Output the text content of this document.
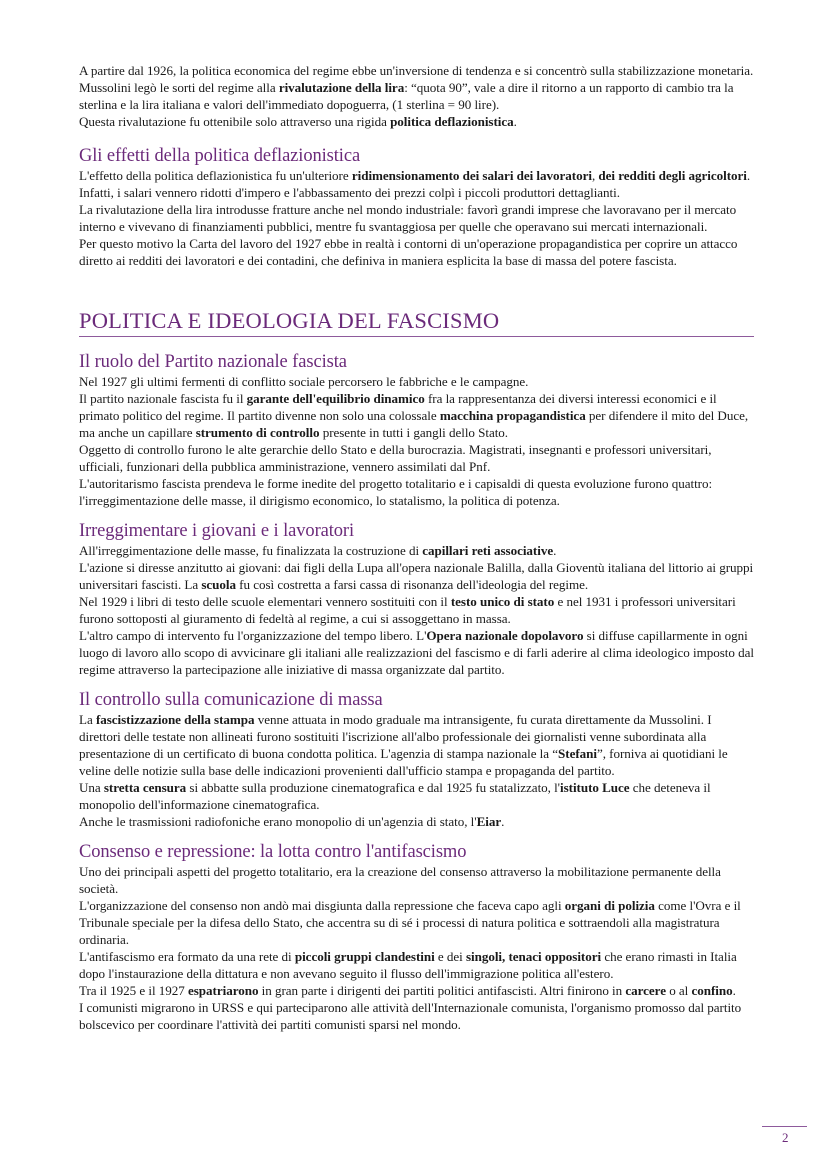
A partire dal 1926, la politica economica del regime ebbe un'inversione di tendenza e si concentrò sulla stabilizzazione monetaria. Mussolini legò le sorti del regime alla rivalutazione della lira: “quota 90”, vale a dire il ritorno a un rapporto di cambio tra la sterlina e la lira italiana e valori dell'immediato dopoguerra, (1 sterlina = 90 lire).

Questa rivalutazione fu ottenibile solo attraverso una rigida politica deflazionistica.

Gli effetti della politica deflazionistica

L'effetto della politica deflazionistica fu un'ulteriore ridimensionamento dei salari dei lavoratori, dei redditi degli agricoltori. Infatti, i salari vennero ridotti d'impero e l'abbassamento dei prezzi colpì i piccoli produttori dettaglianti.

La rivalutazione della lira introdusse fratture anche nel mondo industriale: favorì grandi imprese che lavoravano per il mercato interno e vivevano di finanziamenti pubblici, mentre fu svantaggiosa per quelle che operavano sui mercati internazionali.

Per questo motivo la Carta del lavoro del 1927 ebbe in realtà i contorni di un'operazione propagandistica per coprire un attacco diretto ai redditi dei lavoratori e dei contadini, che definiva in maniera esplicita la base di massa del potere fascista.

POLITICA E IDEOLOGIA DEL FASCISMO
Il ruolo del Partito nazionale fascista

Nel 1927 gli ultimi fermenti di conflitto sociale percorsero le fabbriche e le campagne.

Il partito nazionale fascista fu il garante dell'equilibrio dinamico fra la rappresentanza dei diversi interessi economici e il primato politico del regime. Il partito divenne non solo una colossale macchina propagandistica per difendere il mito del Duce, ma anche un capillare strumento di controllo presente in tutti i gangli dello Stato.

Oggetto di controllo furono le alte gerarchie dello Stato e della burocrazia. Magistrati, insegnanti e professori universitari, ufficiali, funzionari della pubblica amministrazione, vennero assimilati dal Pnf.

L'autoritarismo fascista prendeva le forme inedite del progetto totalitario e i capisaldi di questa evoluzione furono quattro: l'irreggimentazione delle masse, il dirigismo economico, lo statalismo, la politica di potenza.

Irreggimentare i giovani e i lavoratori

All'irreggimentazione delle masse, fu finalizzata la costruzione di capillari reti associative.

L'azione si diresse anzitutto ai giovani: dai figli della Lupa all'opera nazionale Balilla, dalla Gioventù italiana del littorio ai gruppi universitari fascisti. La scuola fu così costretta a farsi cassa di risonanza dell'ideologia del regime.

Nel 1929 i libri di testo delle scuole elementari vennero sostituiti con il testo unico di stato e nel 1931 i professori universitari furono sottoposti al giuramento di fedeltà al regime, a cui si assoggettano in massa.

L'altro campo di intervento fu l'organizzazione del tempo libero. L'Opera nazionale dopolavoro si diffuse capillarmente in ogni luogo di lavoro allo scopo di avvicinare gli italiani alle realizzazioni del fascismo e di farli aderire al clima ideologico imposto dal regime attraverso la partecipazione alle iniziative di massa organizzate dal partito.

Il controllo sulla comunicazione di massa

La fascistizzazione della stampa venne attuata in modo graduale ma intransigente, fu curata direttamente da Mussolini. I direttori delle testate non allineati furono sostituiti l'iscrizione all'albo professionale dei giornalisti venne subordinata alla presentazione di un certificato di buona condotta politica. L'agenzia di stampa nazionale la “Stefani”, forniva ai quotidiani le veline delle notizie sulla base delle indicazioni provenienti dall'ufficio stampa e propaganda del partito.

Una stretta censura si abbatte sulla produzione cinematografica e dal 1925 fu statalizzato, l'istituto Luce che deteneva il monopolio dell'informazione cinematografica.

Anche le trasmissioni radiofoniche erano monopolio di un'agenzia di stato, l'Eiar.

Consenso e repressione: la lotta contro l'antifascismo

Uno dei principali aspetti del progetto totalitario, era la creazione del consenso attraverso la mobilitazione permanente della società.

L'organizzazione del consenso non andò mai disgiunta dalla repressione che faceva capo agli organi di polizia come l'Ovra e il Tribunale speciale per la difesa dello Stato, che accentra su di sé i processi di natura politica e sottraendoli alla magistratura ordinaria.

L'antifascismo era formato da una rete di piccoli gruppi clandestini e dei singoli, tenaci oppositori che erano rimasti in Italia dopo l'instaurazione della dittatura e non avevano seguito il flusso dell'immigrazione politica all'estero.

Tra il 1925 e il 1927 espatriarono in gran parte i dirigenti dei partiti politici antifascisti. Altri finirono in carcere o al confino.

I comunisti migrarono in URSS e qui parteciparono alle attività dell'Internazionale comunista, l'organismo promosso dal partito bolscevico per coordinare l'attività dei partiti comunisti sparsi nel mondo.

2
